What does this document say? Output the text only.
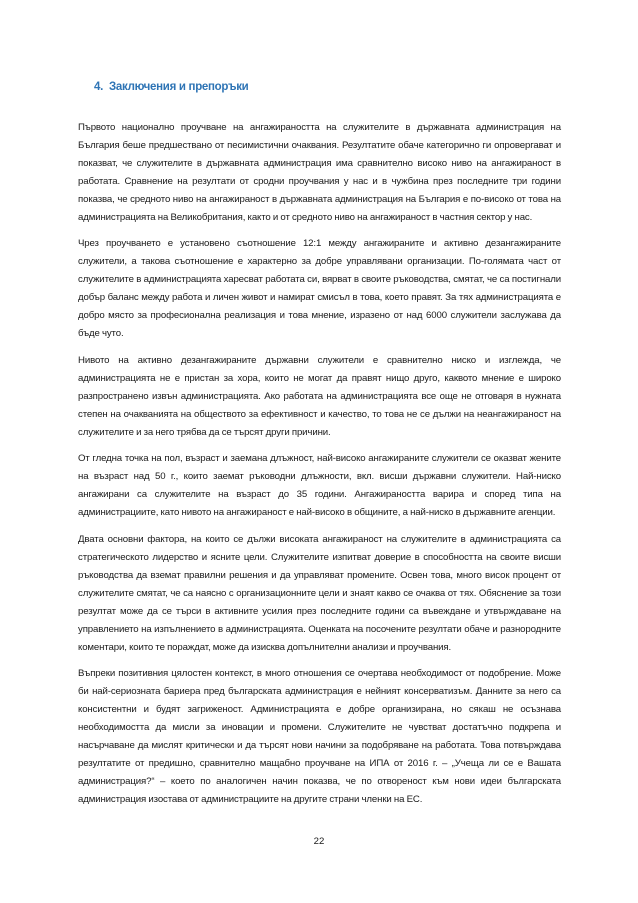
4. Заключения и препоръки

Първото национално проучване на ангажираността на служителите в държавната администрация на България беше предшествано от песимистични очаквания. Резултатите обаче категорично ги опровергават и показват, че служителите в държавната администрация има сравнително високо ниво на ангажираност в работата. Сравнение на резултати от сродни проучвания у нас и в чужбина през последните три години показва, че средното ниво на ангажираност в държавната администрация на България е по-високо от това на администрацията на Великобритания, както и от средното ниво на ангажираност в частния сектор у нас.

Чрез проучването е установено съотношение 12:1 между ангажираните и активно дезангажираните служители, а такова съотношение е характерно за добре управлявани организации. По-голямата част от служителите в администрацията харесват работата си, вярват в своите ръководства, смятат, че са постигнали добър баланс между работа и личен живот и намират смисъл в това, което правят. За тях администрацията е добро място за професионална реализация и това мнение, изразено от над 6000 служители заслужава да бъде чуто.

Нивото на активно дезангажираните държавни служители е сравнително ниско и изглежда, че администрацията не е пристан за хора, които не могат да правят нищо друго, каквото мнение е широко разпространено извън администрацията. Ако работата на администрацията все още не отговаря в нужната степен на очакванията на обществото за ефективност и качество, то това не се дължи на неангажираност на служителите и за него трябва да се търсят други причини.

От гледна точка на пол, възраст и заемана длъжност, най-високо ангажираните служители се оказват жените на възраст над 50 г., които заемат ръководни длъжности, вкл. висши държавни служители. Най-ниско ангажирани са служителите на възраст до 35 години. Ангажираността варира и според типа на администрациите, като нивото на ангажираност е най-високо в общините, а най-ниско в държавните агенции.

Двата основни фактора, на които се дължи високата ангажираност на служителите в администрацията са стратегическото лидерство и ясните цели. Служителите изпитват доверие в способността на своите висши ръководства да вземат правилни решения и да управляват промените. Освен това, много висок процент от служителите смятат, че са наясно с организационните цели и знаят какво се очаква от тях. Обяснение за този резултат може да се търси в активните усилия през последните години са въвеждане и утвърждаване на управлението на изпълнението в администрацията. Оценката на посочените резултати обаче и разнородните коментари, които те пораждат, може да изисква допълнителни анализи и проучвания.

Въпреки позитивния цялостен контекст, в много отношения се очертава необходимост от подобрение. Може би най-сериозната бариера пред българската администрация е нейният консерватизъм. Данните за него са консистентни и будят загриженост. Администрацията е добре организирана, но сякаш не осъзнава необходимостта да мисли за иновации и промени. Служителите не чувстват достатъчно подкрепа и насърчаване да мислят критически и да търсят нови начини за подобряване на работата. Това потвърждава резултатите от предишно, сравнително мащабно проучване на ИПА от 2016 г. – „Учеща ли се е Вашата администрация?“ – което по аналогичен начин показва, че по отвореност към нови идеи българската администрация изостава от администрациите на другите страни членки на ЕС.

22
